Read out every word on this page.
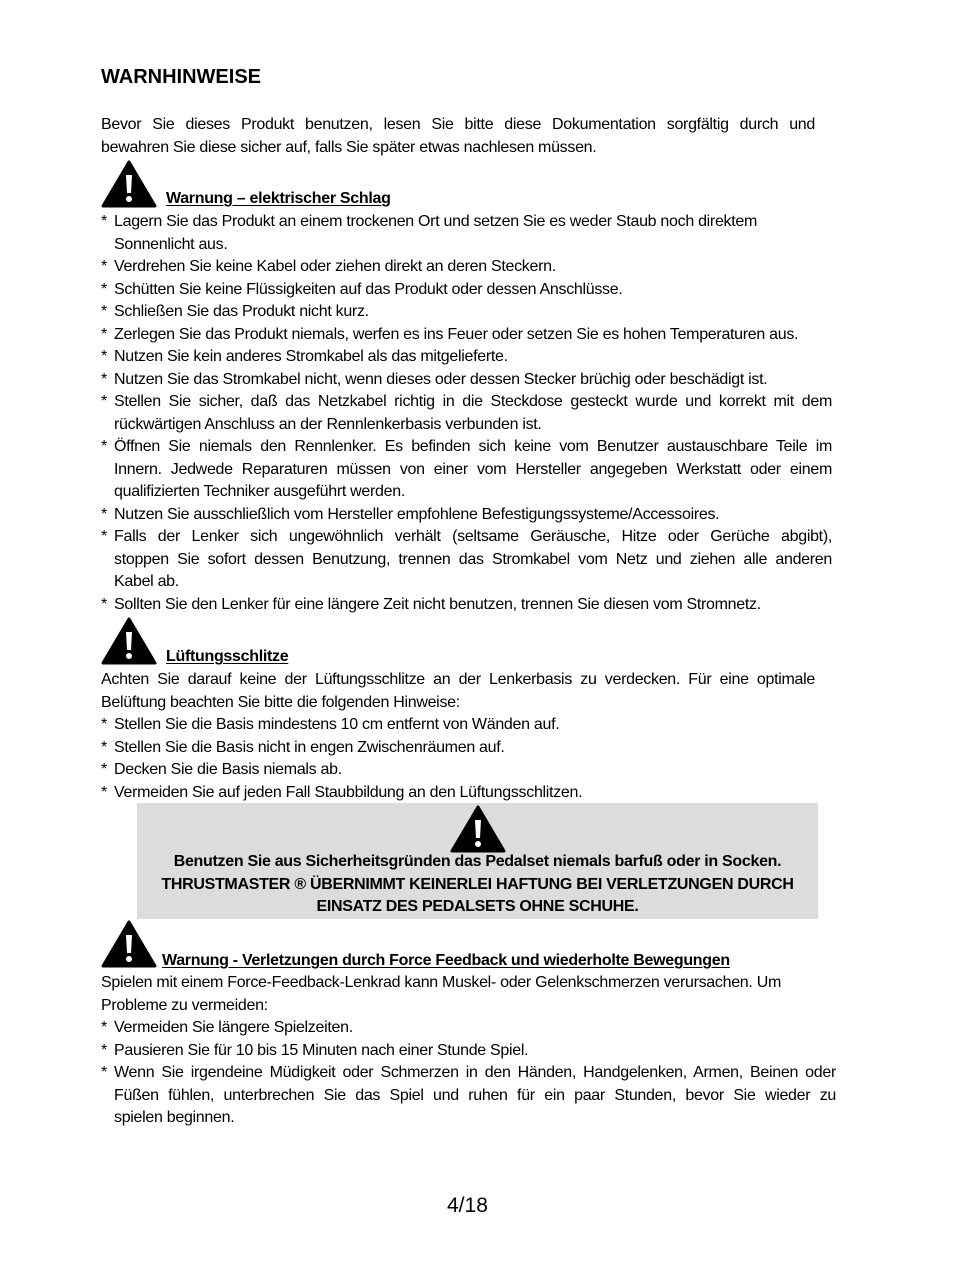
WARNHINWEISE
Bevor Sie dieses Produkt benutzen, lesen Sie bitte diese Dokumentation sorgfältig durch und
bewahren Sie diese sicher auf, falls Sie später etwas nachlesen müssen.
Warnung – elektrischer Schlag
* Lagern Sie das Produkt an einem trockenen Ort und setzen Sie es weder Staub noch direktem
Sonnenlicht aus.
* Verdrehen Sie keine Kabel oder ziehen direkt an deren Steckern.
* Schütten Sie keine Flüssigkeiten auf das Produkt oder dessen Anschlüsse.
* Schließen Sie das Produkt nicht kurz.
* Zerlegen Sie das Produkt niemals, werfen es ins Feuer oder setzen Sie es hohen Temperaturen aus.
* Nutzen Sie kein anderes Stromkabel als das mitgelieferte.
* Nutzen Sie das Stromkabel nicht, wenn dieses oder dessen Stecker brüchig oder beschädigt ist.
* Stellen Sie sicher, daß das Netzkabel richtig in die Steckdose gesteckt wurde und korrekt mit dem
rückwärtigen Anschluss an der Rennlenkerbasis verbunden ist.
* Öffnen Sie niemals den Rennlenker. Es befinden sich keine vom Benutzer austauschbare Teile im
Innern. Jedwede Reparaturen müssen von einer vom Hersteller angegeben Werkstatt oder einem
qualifizierten Techniker ausgeführt werden.
* Nutzen Sie ausschließlich vom Hersteller empfohlene Befestigungssysteme/Accessoires.
* Falls der Lenker sich ungewöhnlich verhält (seltsame Geräusche, Hitze oder Gerüche abgibt),
stoppen Sie sofort dessen Benutzung, trennen das Stromkabel vom Netz und ziehen alle anderen
Kabel ab.
* Sollten Sie den Lenker für eine längere Zeit nicht benutzen, trennen Sie diesen vom Stromnetz.
Lüftungsschlitze
Achten Sie darauf keine der Lüftungsschlitze an der Lenkerbasis zu verdecken. Für eine optimale
Belüftung beachten Sie bitte die folgenden Hinweise:
* Stellen Sie die Basis mindestens 10 cm entfernt von Wänden auf.
* Stellen Sie die Basis nicht in engen Zwischenräumen auf.
* Decken Sie die Basis niemals ab.
* Vermeiden Sie auf jeden Fall Staubbildung an den Lüftungsschlitzen.
Benutzen Sie aus Sicherheitsgründen das Pedalset niemals barfuß oder in Socken.
THRUSTMASTER ® ÜBERNIMMT KEINERLEI HAFTUNG BEI VERLETZUNGEN DURCH
EINSATZ DES PEDALSETS OHNE SCHUHE.
Warnung - Verletzungen durch Force Feedback und wiederholte Bewegungen
Spielen mit einem Force-Feedback-Lenkrad kann Muskel- oder Gelenkschmerzen verursachen. Um
Probleme zu vermeiden:
* Vermeiden Sie längere Spielzeiten.
* Pausieren Sie für 10 bis 15 Minuten nach einer Stunde Spiel.
* Wenn Sie irgendeine Müdigkeit oder Schmerzen in den Händen, Handgelenken, Armen, Beinen oder
Füßen fühlen, unterbrechen Sie das Spiel und ruhen für ein paar Stunden, bevor Sie wieder zu
spielen beginnen.
4/18
